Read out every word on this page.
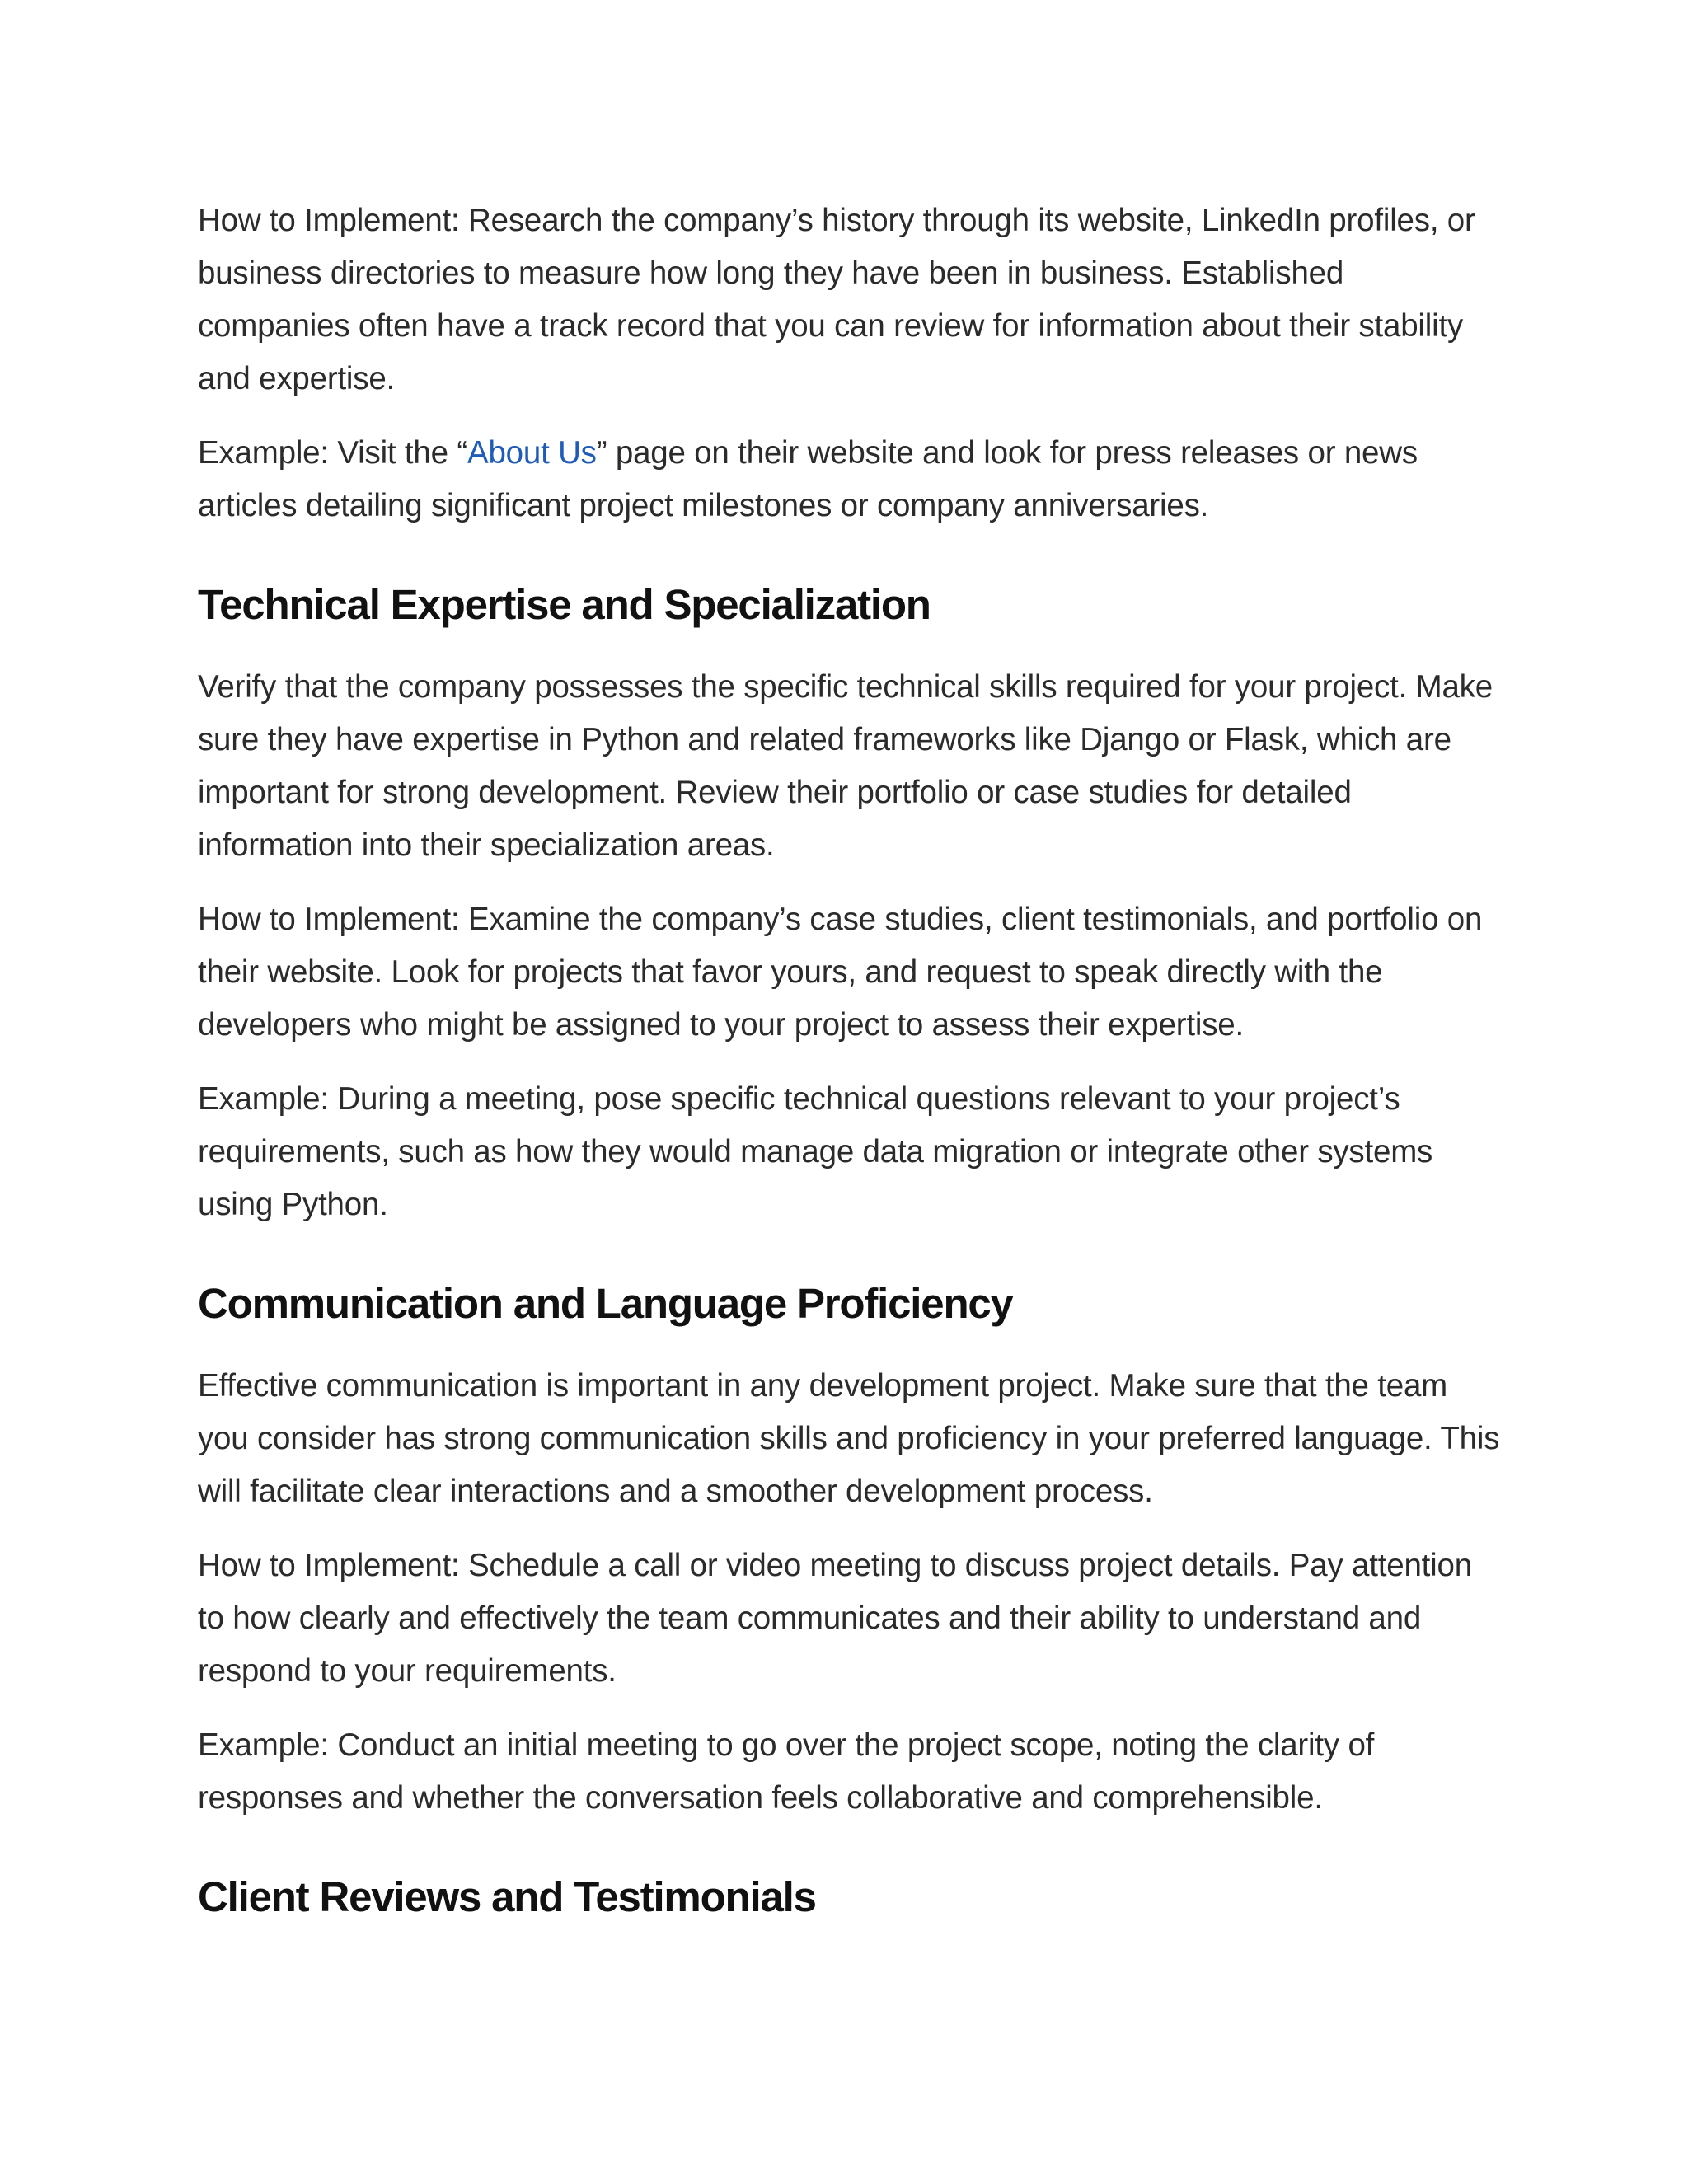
How to Implement: Research the company’s history through its website, LinkedIn profiles, or business directories to measure how long they have been in business. Established companies often have a track record that you can review for information about their stability and expertise.

Example: Visit the “About Us” page on their website and look for press releases or news articles detailing significant project milestones or company anniversaries.

Technical Expertise and Specialization

Verify that the company possesses the specific technical skills required for your project. Make sure they have expertise in Python and related frameworks like Django or Flask, which are important for strong development. Review their portfolio or case studies for detailed information into their specialization areas.

How to Implement: Examine the company’s case studies, client testimonials, and portfolio on their website. Look for projects that favor yours, and request to speak directly with the developers who might be assigned to your project to assess their expertise.

Example: During a meeting, pose specific technical questions relevant to your project’s requirements, such as how they would manage data migration or integrate other systems using Python.

Communication and Language Proficiency

Effective communication is important in any development project. Make sure that the team you consider has strong communication skills and proficiency in your preferred language. This will facilitate clear interactions and a smoother development process.

How to Implement: Schedule a call or video meeting to discuss project details. Pay attention to how clearly and effectively the team communicates and their ability to understand and respond to your requirements.

Example: Conduct an initial meeting to go over the project scope, noting the clarity of responses and whether the conversation feels collaborative and comprehensible.

Client Reviews and Testimonials
